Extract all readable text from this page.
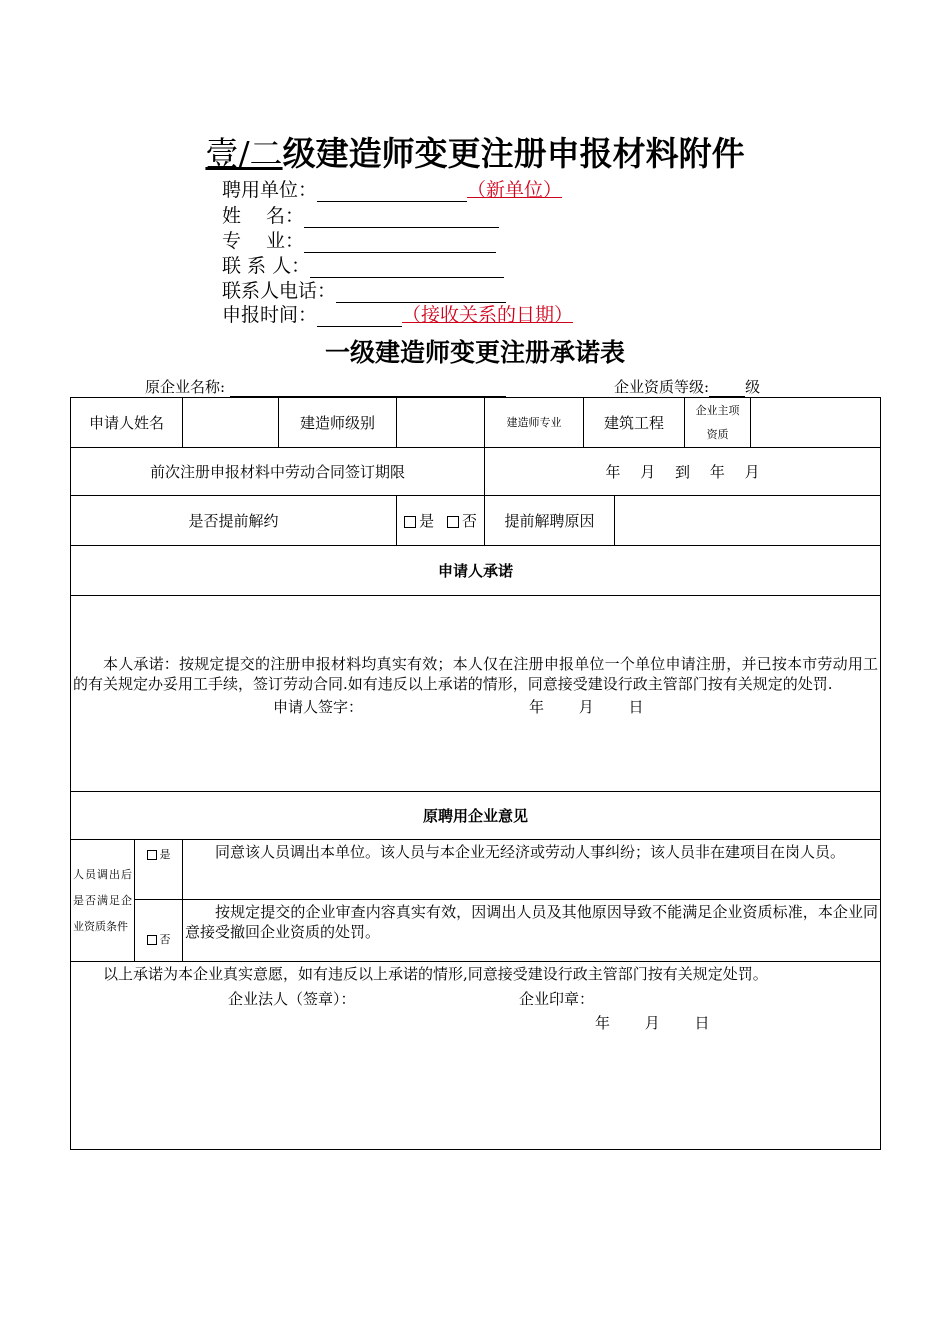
壹/二级建造师变更注册申报材料附件
聘用单位：	（新单位）
姓　 名：
专　 业：
联 系 人：
联系人电话：
申报时间：	（接收关系的日期）
一级建造师变更注册承诺表
原企业名称:	企业资质等级: 级
申请人姓名			建造师级别		建造师专业	建筑工程		企业主项资质	
前次注册申报材料中劳动合同签订期限					年　 月　 到　 年　 月				
是否提前解约				是 否	提前解聘原因				
申请人承诺									

本人承诺：按规定提交的注册申报材料均真实有效；本人仅在注册申报单位一个单位申请注册，并已按本市劳动用工的有关规定办妥用工手续，签订劳动合同.如有违反以上承诺的情形，同意接受建设行政主管部门按有关规定的处罚.
申请人签字： 年　　 月　　 日									

原聘用企业意见									
人员调出后是否满足企业资质条件	是	同意该人员调出本单位。该人员与本企业无经济或劳动人事纠纷；该人员非在建项目在岗人员。							
	否	按规定提交的企业审查内容真实有效，因调出人员及其他原因导致不能满足企业资质标准，本企业同意接受撤回企业资质的处罚。							

以上承诺为本企业真实意愿，如有违反以上承诺的情形,同意接受建设行政主管部门按有关规定处罚。
企业法人（签章）： 企业印章：
年　　 月　　 日									
